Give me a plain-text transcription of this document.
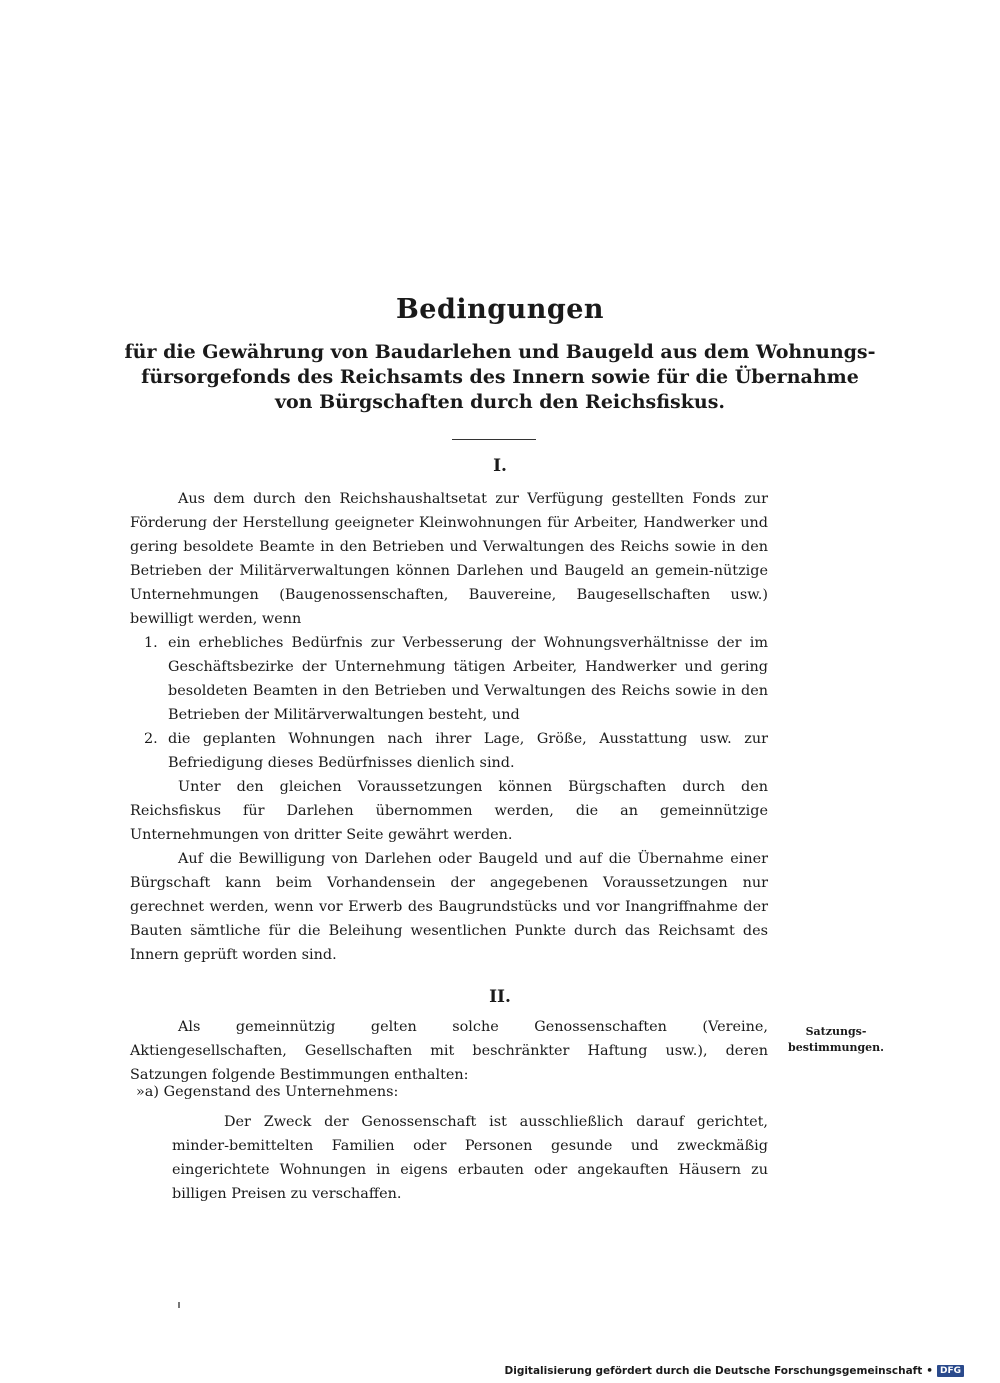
Bedingungen
für die Gewährung von Baudarlehen und Baugeld aus dem Wohnungs-fürsorgefonds des Reichsamts des Innern sowie für die Übernahme von Bürgschaften durch den Reichsfiskus.
I.

Aus dem durch den Reichshaushaltsetat zur Verfügung gestellten Fonds zur Förderung der Herstellung geeigneter Kleinwohnungen für Arbeiter, Handwerker und gering besoldete Beamte in den Betrieben und Verwaltungen des Reichs sowie in den Betrieben der Militärverwaltungen können Darlehen und Baugeld an gemein-nützige Unternehmungen (Baugenossenschaften, Bauvereine, Baugesellschaften usw.) bewilligt werden, wenn

1. ein erhebliches Bedürfnis zur Verbesserung der Wohnungsverhältnisse der im Geschäftsbezirke der Unternehmung tätigen Arbeiter, Handwerker und gering besoldeten Beamten in den Betrieben und Verwaltungen des Reichs sowie in den Betrieben der Militärverwaltungen besteht, und
2. die geplanten Wohnungen nach ihrer Lage, Größe, Ausstattung usw. zur Befriedigung dieses Bedürfnisses dienlich sind.

Unter den gleichen Voraussetzungen können Bürgschaften durch den Reichsfiskus für Darlehen übernommen werden, die an gemeinnützige Unternehmungen von dritter Seite gewährt werden.

Auf die Bewilligung von Darlehen oder Baugeld und auf die Übernahme einer Bürgschaft kann beim Vorhandensein der angegebenen Voraussetzungen nur gerechnet werden, wenn vor Erwerb des Baugrundstücks und vor Inangriffnahme der Bauten sämtliche für die Beleihung wesentlichen Punkte durch das Reichsamt des Innern geprüft worden sind.

II.

Als gemeinnützig gelten solche Genossenschaften (Vereine, Aktiengesellschaften, Gesellschaften mit beschränkter Haftung usw.), deren Satzungen folgende Bestimmungen enthalten:

Satzungs-bestimmungen.
»a) Gegenstand des Unternehmens:

Der Zweck der Genossenschaft ist ausschließlich darauf gerichtet, minder-bemittelten Familien oder Personen gesunde und zweckmäßig eingerichtete Wohnungen in eigens erbauten oder angekauften Häusern zu billigen Preisen zu verschaffen.

Digitalisierung gefördert durch die Deutsche Forschungsgemeinschaft • DFG
